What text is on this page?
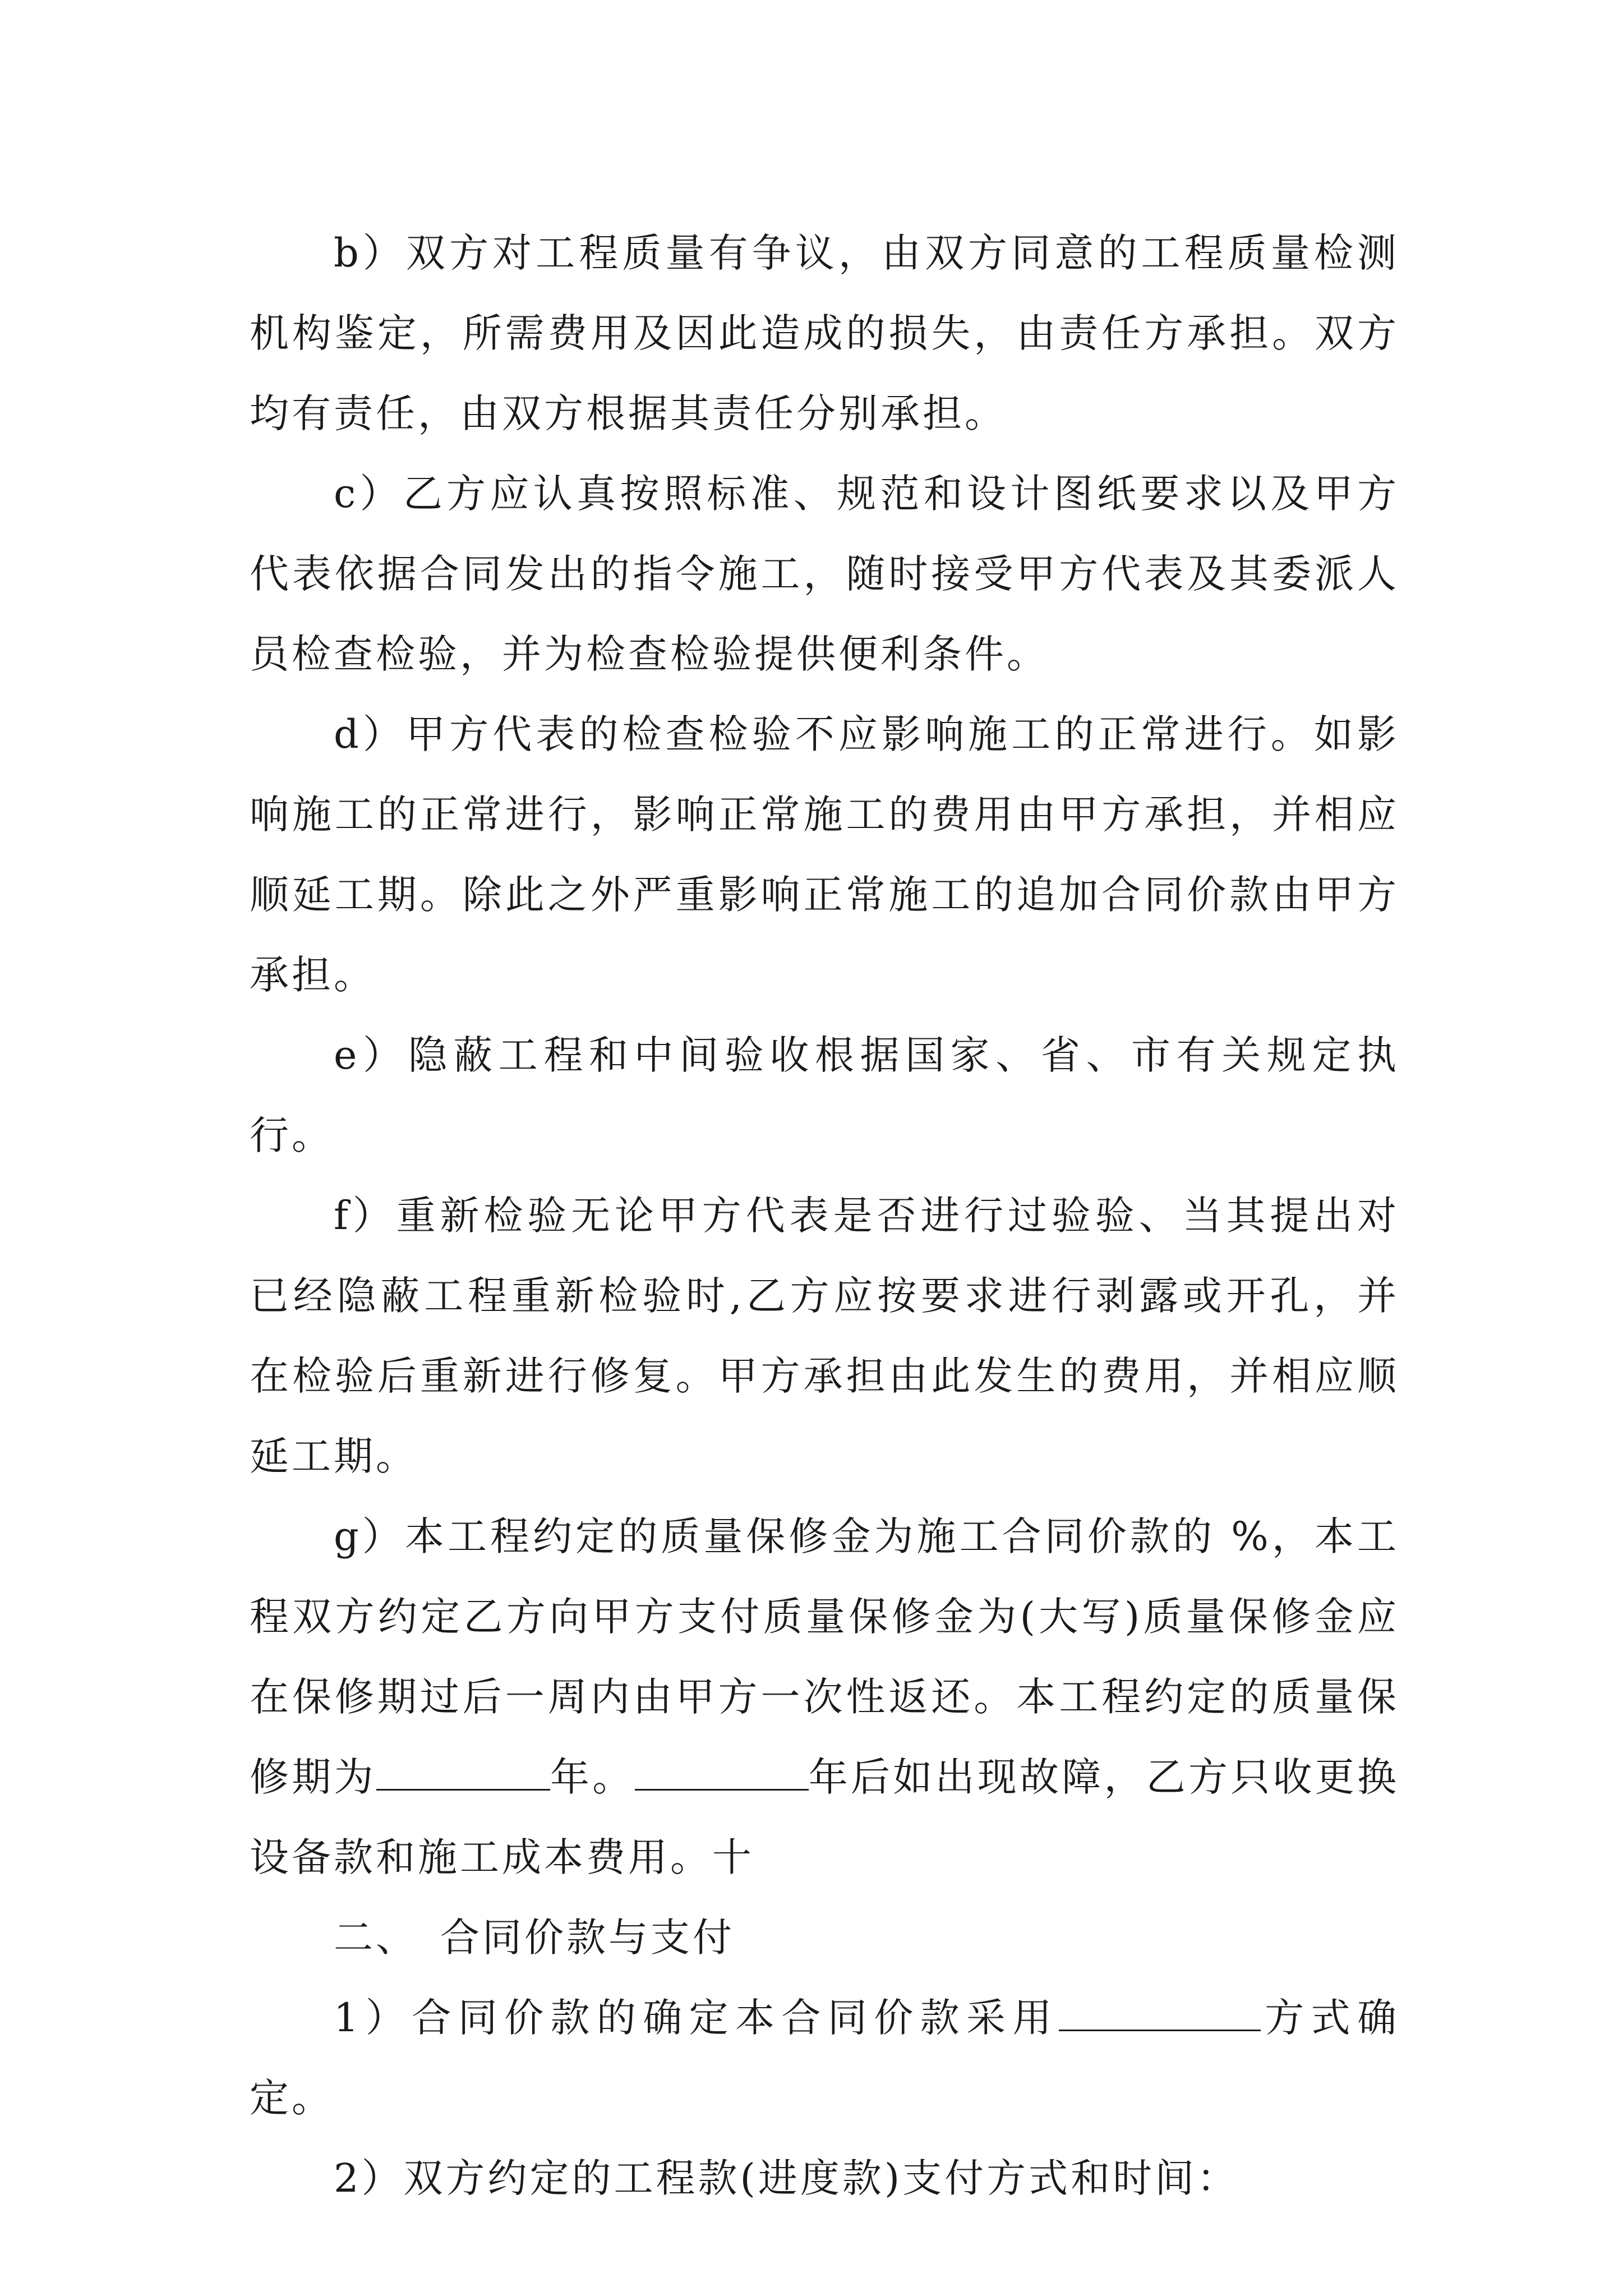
b）双方对工程质量有争议，由双方同意的工程质量检测机构鉴定，所需费用及因此造成的损失，由责任方承担。双方均有责任，由双方根据其责任分别承担。

c）乙方应认真按照标准、规范和设计图纸要求以及甲方代表依据合同发出的指令施工，随时接受甲方代表及其委派人员检查检验，并为检查检验提供便利条件。

d）甲方代表的检查检验不应影响施工的正常进行。如影响施工的正常进行，影响正常施工的费用由甲方承担，并相应顺延工期。除此之外严重影响正常施工的追加合同价款由甲方承担。

e）隐蔽工程和中间验收根据国家、省、市有关规定执行。

f）重新检验无论甲方代表是否进行过验验、当其提出对已经隐蔽工程重新检验时,乙方应按要求进行剥露或开孔，并在检验后重新进行修复。甲方承担由此发生的费用，并相应顺延工期。

g）本工程约定的质量保修金为施工合同价款的 %，本工程双方约定乙方向甲方支付质量保修金为(大写)质量保修金应在保修期过后一周内由甲方一次性返还。本工程约定的质量保修期为	年。	年后如出现故障，乙方只收更换设备款和施工成本费用。十

二、　合同价款与支付

1）合同价款的确定本合同价款采用	方式确定。

2）双方约定的工程款(进度款)支付方式和时间：
